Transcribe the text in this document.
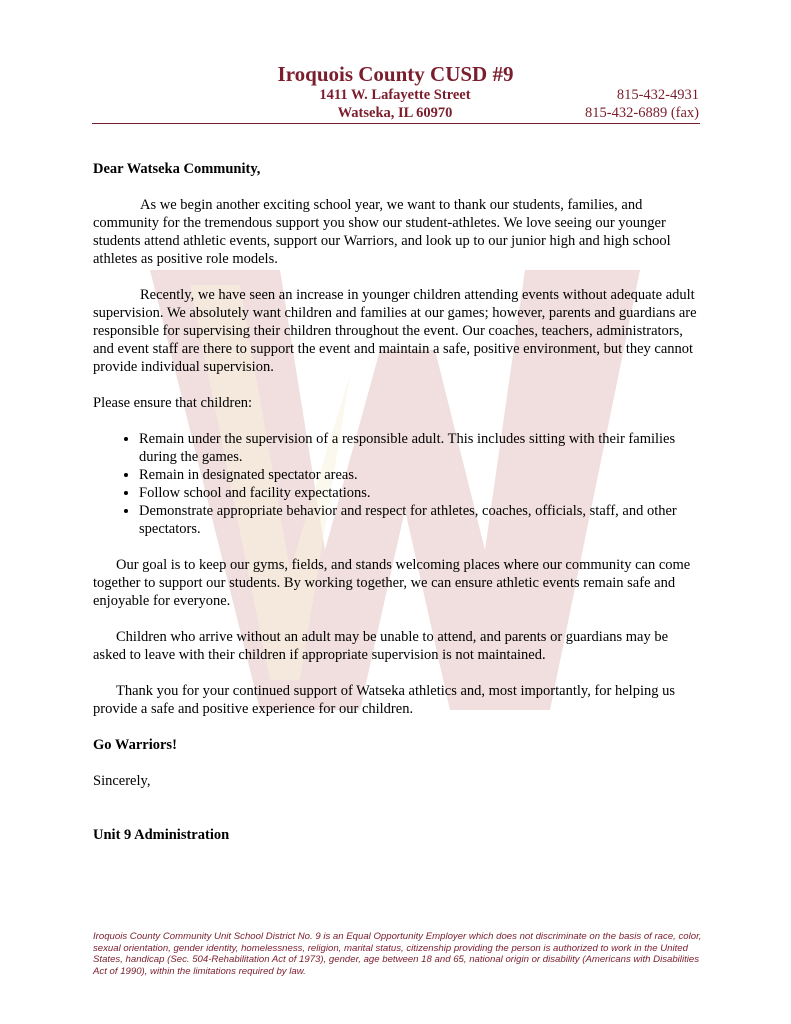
Iroquois County CUSD #9
1411 W. Lafayette Street
Watseka, IL 60970
815-432-4931
815-432-6889 (fax)

Dear Watseka Community,

As we begin another exciting school year, we want to thank our students, families, and community for the tremendous support you show our student-athletes. We love seeing our younger students attend athletic events, support our Warriors, and look up to our junior high and high school athletes as positive role models.

Recently, we have seen an increase in younger children attending events without adequate adult supervision. We absolutely want children and families at our games; however, parents and guardians are responsible for supervising their children throughout the event. Our coaches, teachers, administrators, and event staff are there to support the event and maintain a safe, positive environment, but they cannot provide individual supervision.

Please ensure that children:

• Remain under the supervision of a responsible adult. This includes sitting with their families during the games.
• Remain in designated spectator areas.
• Follow school and facility expectations.
• Demonstrate appropriate behavior and respect for athletes, coaches, officials, staff, and other spectators.

Our goal is to keep our gyms, fields, and stands welcoming places where our community can come together to support our students. By working together, we can ensure athletic events remain safe and enjoyable for everyone.

Children who arrive without an adult may be unable to attend, and parents or guardians may be asked to leave with their children if appropriate supervision is not maintained.

Thank you for your continued support of Watseka athletics and, most importantly, for helping us provide a safe and positive experience for our children.

Go Warriors!

Sincerely,

Unit 9 Administration

Iroquois County Community Unit School District No. 9 is an Equal Opportunity Employer which does not discriminate on the basis of race, color, sexual orientation, gender identity, homelessness, religion, marital status, citizenship providing the person is authorized to work in the United States, handicap (Sec. 504-Rehabilitation Act of 1973), gender, age between 18 and 65, national origin or disability (Americans with Disabilities Act of 1990), within the limitations required by law.
